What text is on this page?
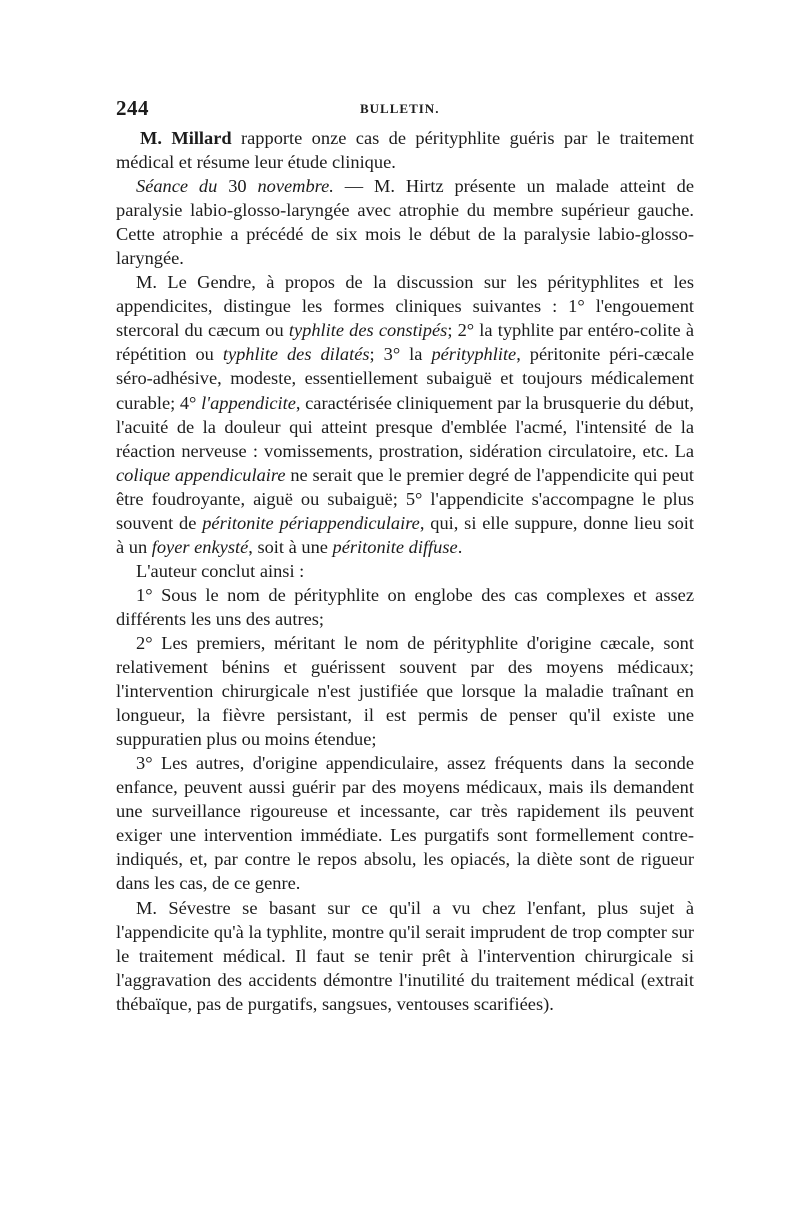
244	BULLETIN.

M. Millard rapporte onze cas de pérityphlite guéris par le traitement médical et résume leur étude clinique.

Séance du 30 novembre. — M. Hirtz présente un malade atteint de paralysie labio-glosso-laryngée avec atrophie du membre supérieur gauche. Cette atrophie a précédé de six mois le début de la paralysie labio-glosso-laryngée.

M. Le Gendre, à propos de la discussion sur les pérityphlites et les appendicites, distingue les formes cliniques suivantes : 1° l'engouement stercoral du cæcum ou typhlite des constipés; 2° la typhlite par entéro-colite à répétition ou typhlite des dilatés; 3° la pérityphlite, péritonite péri-cæcale séro-adhésive, modeste, essentiellement subaiguë et toujours médicalement curable; 4° l'appendicite, caractérisée cliniquement par la brusquerie du début, l'acuité de la douleur qui atteint presque d'emblée l'acmé, l'intensité de la réaction nerveuse : vomissements, prostration, sidération circulatoire, etc. La colique appendiculaire ne serait que le premier degré de l'appendicite qui peut être foudroyante, aiguë ou subaiguë; 5° l'appendicite s'accompagne le plus souvent de péritonite périappendiculaire, qui, si elle suppure, donne lieu soit à un foyer enkysté, soit à une péritonite diffuse.

L'auteur conclut ainsi :

1° Sous le nom de pérityphlite on englobe des cas complexes et assez différents les uns des autres;

2° Les premiers, méritant le nom de pérityphlite d'origine cæcale, sont relativement bénins et guérissent souvent par des moyens médicaux; l'intervention chirurgicale n'est justifiée que lorsque la maladie traînant en longueur, la fièvre persistant, il est permis de penser qu'il existe une suppuratien plus ou moins étendue;

3° Les autres, d'origine appendiculaire, assez fréquents dans la seconde enfance, peuvent aussi guérir par des moyens médicaux, mais ils demandent une surveillance rigoureuse et incessante, car très rapidement ils peuvent exiger une intervention immédiate. Les purgatifs sont formellement contre-indiqués, et, par contre le repos absolu, les opiacés, la diète sont de rigueur dans les cas, de ce genre.

M. Sévestre se basant sur ce qu'il a vu chez l'enfant, plus sujet à l'appendicite qu'à la typhlite, montre qu'il serait imprudent de trop compter sur le traitement médical. Il faut se tenir prêt à l'intervention chirurgicale si l'aggravation des accidents démontre l'inutilité du traitement médical (extrait thébaïque, pas de purgatifs, sangsues, ventouses scarifiées).
